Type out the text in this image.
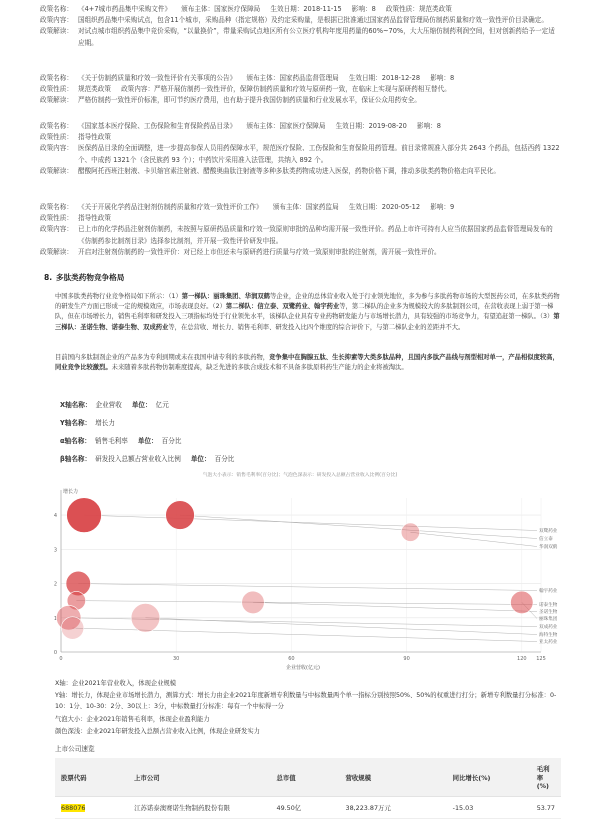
政策名称： 《4+7城市药品集中采购文件》 颁布主体：国家医疗保障局 生效日期：2018-11-15 影响：8 政策性质：规范类政策
政策内容： 国组织药品集中采购试点，包含11个城市，采购品种（指定规格）及约定采购量，是根据已批准通过国家药品监督管理局仿制药质量和疗效一致性评价目录确定。
政策解读： 对试点城市组织药品集中竞价采购，“以量换价”，带量采购试点地区所有公立医疗机构年度用药量的60%~70%，大大压缩仿制药利润空间，但对创新药给予一定适应期。
政策名称： 《关于仿制药质量和疗效一致性评价有关事项的公告》 颁布主体：国家药品监督管理局 生效日期：2018-12-28 影响：8
政策性质： 规范类政策 政策内容：严格开展仿制药一致性评价，保障仿制药质量和疗效与原研药一致，在临床上实现与原研药相互替代。
政策解读： 严格仿制药一致性评价标准，即可节约医疗费用，也有助于提升我国仿制药质量和行业发展水平，保证公众用药安全。
政策名称： 《国家基本医疗保险、工伤保险和生育保险药品目录》 颁布主体：国家医疗保障局 生效日期：2019-08-20 影响：8
政策性质： 指导性政策
政策内容： 医保药品目录的全面调整，进一步提高参保人员用药保障水平，规范医疗保险、工伤保险和生育保险用药管理。前目录常规准入部分共 2643 个药品，包括西药 1322 个、中成药 1321个（含民族药 93 个）；中药饮片采用准入法管理，共纳入 892 个。
政策解读： 醋酸阿托西班注射液、卡贝缩宫素注射液、醋酸奥曲肽注射液等多种多肽类药物成功进入医保，药物价格下调，推动多肽类药物价格走向平民化。
政策名称： 《关于开展化学药品注射剂仿制药质量和疗效一致性评价工作》 颁布主体：国家药监局 生效日期：2020-05-12 影响：9
政策性质： 指导性政策
政策内容： 已上市的化学药品注射剂仿制药，未按照与原研药品质量和疗效一致原则审批的品种均需开展一致性评价。药品上市许可持有人应当依据国家药品监督管理局发布的《仿制药参比制剂目录》选择参比制剂，并开展一致性评价研发申报。
政策解读： 开启对注射剂仿制药的一致性评价：对已经上市但还未与原研药进行质量与疗效一致原则审批的注射剂，需开展一致性评价。
8. 多肽类药物竞争格局
中国多肽类药物行业竞争格局如下所示：（1）第一梯队：丽珠集团、华润双鹤等企业，企业的总体营业收入处于行业领先地位，多为参与多肽药物市场的大型医药公司，在多肽类药物的研发生产方面已形成一定的规模效应，市场表现良好。（2）第二梯队：信立泰、双鹭药业、翰宇药业等，第二梯队的企业多为规模较大的多肽制剂公司，在营收表现上弱于第一梯队，但在市场增长力，销售毛利率和研发投入三项指标均处于行业领先水平，该梯队企业具有专业药物研发能力与市场增长潜力，具有较强的市场竞争力，有望追赶第一梯队。（3）第三梯队：圣诺生物、诺泰生物、双成药业等，在总营收、增长力、销售毛利率、研发投入比四个维度的综合评价下，与第二梯队企业的差距并不大。
目前国内多肽制剂企业的产品多为专利到期或未在我国申请专利的多肽药物，竞争集中在胸腺五肽、生长抑素等大类多肽品种，且国内多肽产品线与剂型相对单一，产品相似度较高，同业竞争比较激烈。未来随着多肽药物仿制难度提高，缺乏先进的多肽合成技术和不具备多肽原料药生产能力的企业将被淘汰。
X轴名称： 企业营收 单位： 亿元
Y轴名称： 增长力
α轴名称： 销售毛利率 单位： 百分比
β轴名称： 研发投入总额占营业收入比例 单位： 百分比
气泡大小表示：销售毛利率(百分比)；气泡色深表示：研发投入总额占营业收入比例(百分比)
0
1
2
3
4
0	30	60	90	120 125
增长力
企业营收(亿元)
双鹭药业
信立泰
华润双鹤
翰宇药业
诺泰生物
圣诺生物
丽珠集团
双成药业
海特生物
亚太药业
X轴：企业2021年营业收入，体现企业规模
Y轴：增长力，体现企业市场增长潜力，测算方式：增长力由企业2021年度新增专利数量与中标数量两个单一指标分别按照50%、50%的权重进行打分；新增专利数量打分标准：0-10：1分、10-30：2分、30以上：3分，中标数量打分标准：每有一个中标得一分
气泡大小：企业2021年销售毛利率，体现企业盈利能力
颜色深浅：企业2021年研发投入总额占营业收入比例，体现企业研发实力
上市公司速览
股票代码	上市公司	总市值	营收规模	同比增长(%)	毛利率(%)
688076	江苏诺泰澳赛诺生物制药股份有限	49.50亿	38,223.87万元	-15.03	53.77
